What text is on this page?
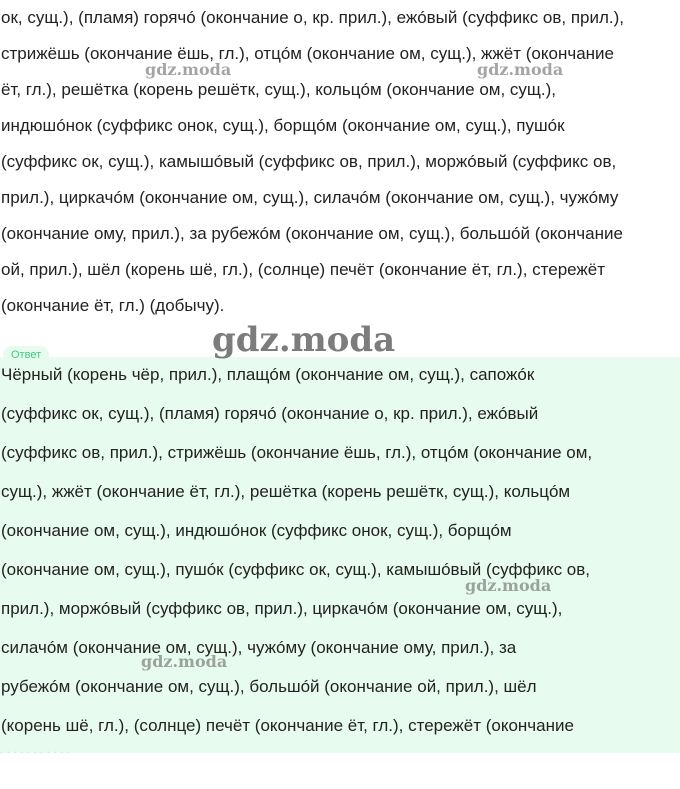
ок, сущ.), (пламя) горячó (окончание о, кр. прил.), ежóвый (суффикс ов, прил.),

стрижёшь (окончание ёшь, гл.), отцóм (окончание ом, сущ.), жжёт (окончание

ёт, гл.), решётка (корень решётк, сущ.), кольцóм (окончание ом, сущ.),

индюшóнок (суффикс онок, сущ.), борщóм (окончание ом, сущ.), пушóк

(суффикс ок, сущ.), камышóвый (суффикс ов, прил.), моржóвый (суффикс ов,

прил.), циркачóм (окончание ом, сущ.), силачóм (окончание ом, сущ.), чужóму

(окончание ому, прил.), за рубежóм (окончание ом, сущ.), большóй (окончание

ой, прил.), шёл (корень шё, гл.), (солнце) печёт (окончание ёт, гл.), стережёт

(окончание ёт, гл.) (добычу).

Ответ

Чёрный (корень чёр, прил.), плащóм (окончание ом, сущ.), сапожóк

(суффикс ок, сущ.), (пламя) горячó (окончание о, кр. прил.), ежóвый

(суффикс ов, прил.), стрижёшь (окончание ёшь, гл.), отцóм (окончание ом,

сущ.), жжёт (окончание ёт, гл.), решётка (корень решётк, сущ.), кольцóм

(окончание ом, сущ.), индюшóнок (суффикс онок, сущ.), борщóм

(окончание ом, сущ.), пушóк (суффикс ок, сущ.), камышóвый (суффикс ов,

прил.), моржóвый (суффикс ов, прил.), циркачóм (окончание ом, сущ.),

силачóм (окончание ом, сущ.), чужóму (окончание ому, прил.), за

рубежóм (окончание ом, сущ.), большóй (окончание ой, прил.), шёл

(корень шё, гл.), (солнце) печёт (окончание ёт, гл.), стережёт (окончание

. . . . . . . . . . .
gdz.moda	gdz.moda
gdz.moda
gdz.moda
gdz.moda
